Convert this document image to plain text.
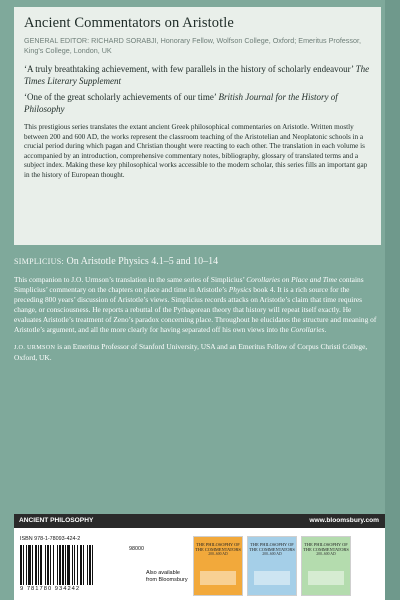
Ancient Commentators on Aristotle

GENERAL EDITOR: RICHARD SORABJI, Honorary Fellow, Wolfson College, Oxford; Emeritus Professor, King's College, London, UK

‘A truly breathtaking achievement, with few parallels in the history of scholarly endeavour’ The Times Literary Supplement

‘One of the great scholarly achievements of our time’ British Journal for the History of Philosophy

This prestigious series translates the extant ancient Greek philosophical commentaries on Aristotle. Written mostly between 200 and 600 AD, the works represent the classroom teaching of the Aristotelian and Neoplatonic schools in a crucial period during which pagan and Christian thought were reacting to each other. The translation in each volume is accompanied by an introduction, comprehensive commentary notes, bibliography, glossary of translated terms and a subject index. Making these key philosophical works accessible to the modern scholar, this series fills an important gap in the history of European thought.

SIMPLICIUS: On Aristotle Physics 4.1–5 and 10–14

This companion to J.O. Urmson’s translation in the same series of Simplicius’ Corollaries on Place and Time contains Simplicius’ commentary on the chapters on place and time in Aristotle’s Physics book 4. It is a rich source for the preceding 800 years’ discussion of Aristotle’s views. Simplicius records attacks on Aristotle’s claim that time requires change, or consciousness. He reports a rebuttal of the Pythagorean theory that history will repeat itself exactly. He evaluates Aristotle’s treatment of Zeno’s paradox concerning place. Throughout he elucidates the structure and meaning of Aristotle’s argument, and all the more clearly for having separated off his own views into the Corollaries.

J.O. URMSON is an Emeritus Professor of Stanford University, USA and an Emeritus Fellow of Corpus Christi College, Oxford, UK.

ANCIENT PHILOSOPHY	www.bloomsbury.com
ISBN 978-1-78093-424-2
98000
9 781780 934242
Also available
from Bloomsbury
THE PHILOSOPHY OF THE COMMENTATORS
200–600 AD
THE PHILOSOPHY OF THE COMMENTATORS
200–600 AD
THE PHILOSOPHY OF THE COMMENTATORS
200–600 AD
